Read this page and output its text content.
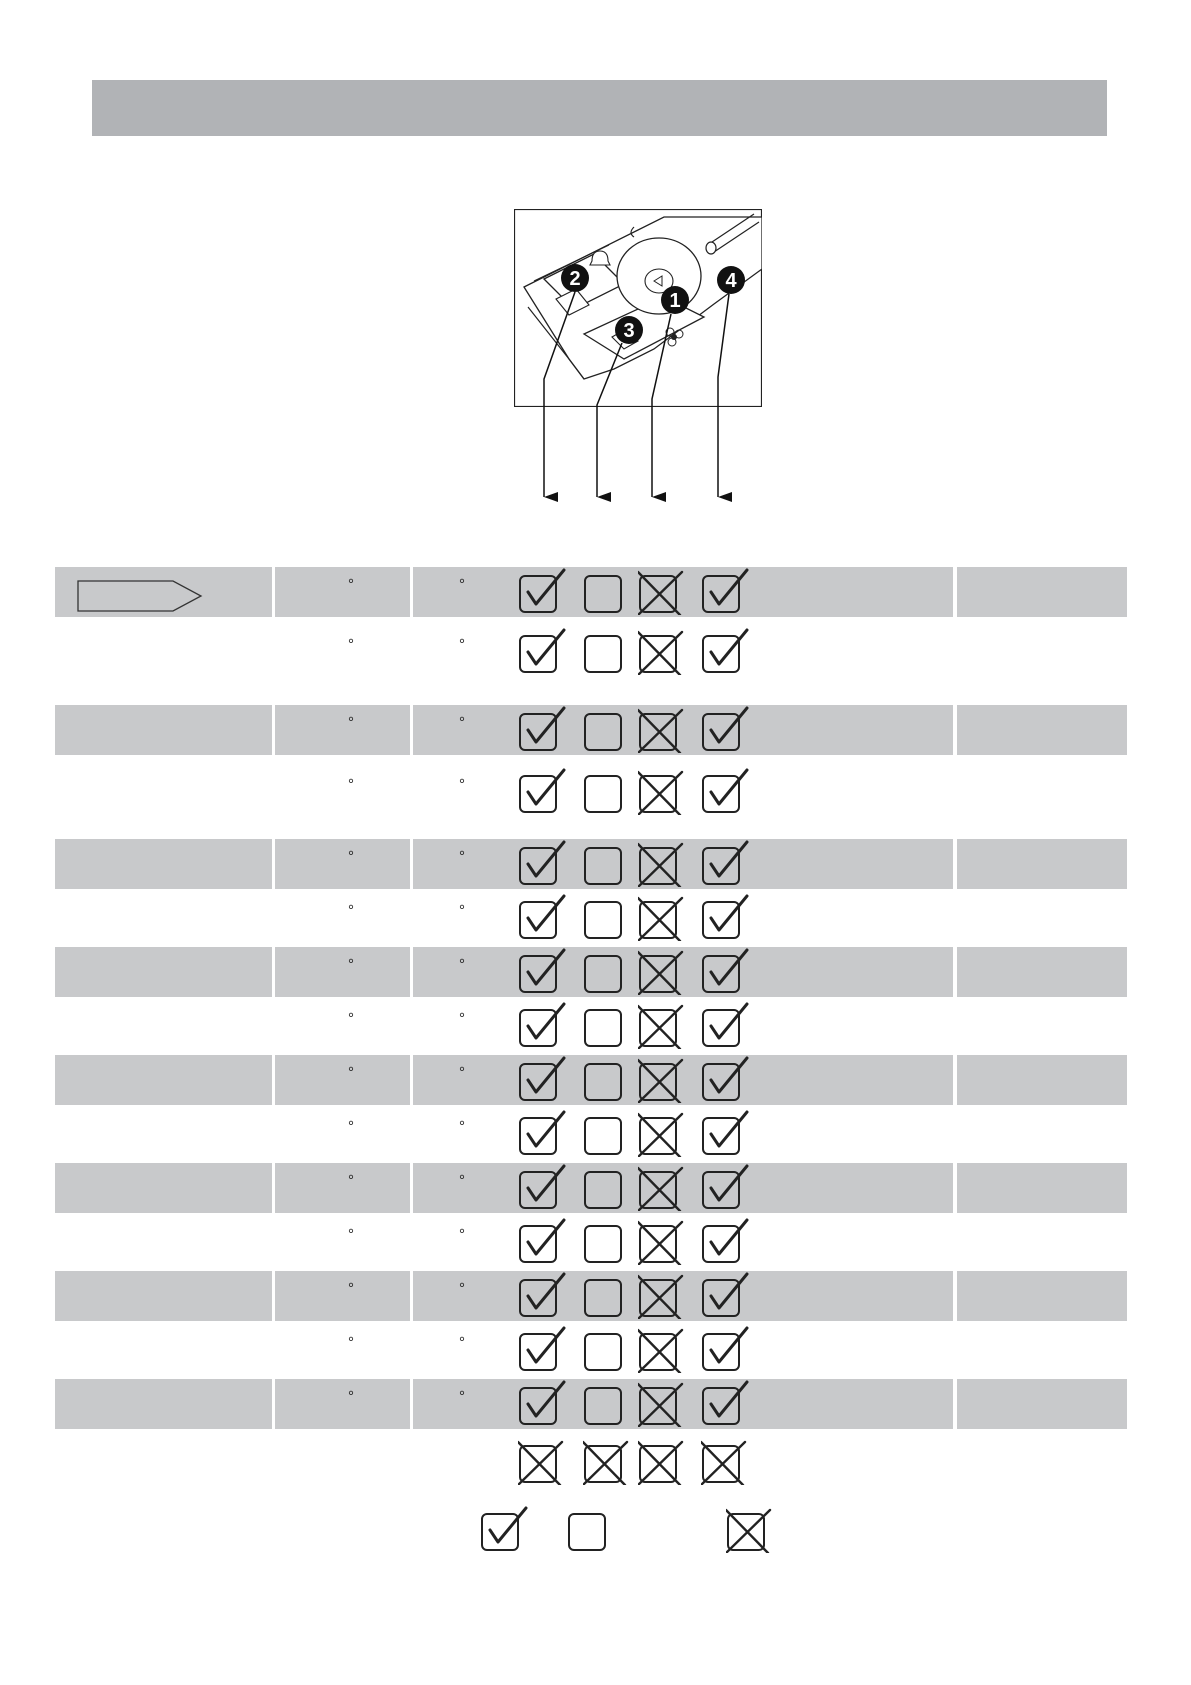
2
1
3
4
°	°
°	°
°	°
°	°
°	°
°	°
°	°
°	°
°	°
°	°
°	°
°	°
°	°
°	°
°	°
